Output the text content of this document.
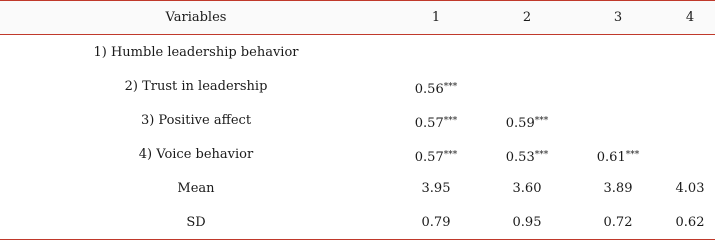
Variables	1	2	3	4
1) Humble leadership behavior
2) Trust in leadership	0.56***
3) Positive affect	0.57***	0.59***
4) Voice behavior	0.57***	0.53***	0.61***
Mean	3.95	3.60	3.89	4.03
SD	0.79	0.95	0.72	0.62
